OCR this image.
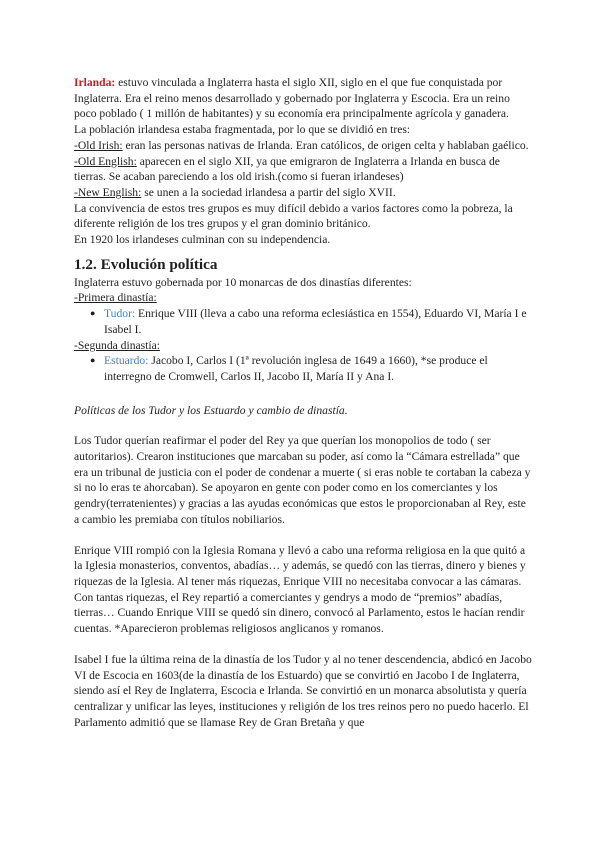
Irlanda: estuvo vinculada a Inglaterra hasta el siglo XII, siglo en el que fue conquistada por Inglaterra. Era el reino menos desarrollado y gobernado por Inglaterra y Escocia. Era un reino poco poblado ( 1 millón de habitantes) y su economía era principalmente agrícola y ganadera.

La población irlandesa estaba fragmentada, por lo que se dividió en tres:

-Old Irish: eran las personas nativas de Irlanda. Eran católicos, de origen celta y hablaban gaélico.

-Old English: aparecen en el siglo XII, ya que emigraron de Inglaterra a Irlanda en busca de tierras. Se acaban pareciendo a los old irish.(como si fueran irlandeses)

-New English: se unen a la sociedad irlandesa a partir del siglo XVII.

La convivencia de estos tres grupos es muy difícil debido a varios factores como la pobreza, la diferente religión de los tres grupos y el gran dominio británico.

En 1920 los irlandeses culminan con su independencia.

1.2. Evolución política

Inglaterra estuvo gobernada por 10 monarcas de dos dinastías diferentes:

-Primera dinastía:

● Tudor: Enrique VIII (lleva a cabo una reforma eclesiástica en 1554), Eduardo VI, María I e Isabel I.

-Segunda dinastía:

● Estuardo: Jacobo I, Carlos I (1ª revolución inglesa de 1649 a 1660), *se produce el interregno de Cromwell, Carlos II, Jacobo II, María II y Ana I.

Políticas de los Tudor y los Estuardo y cambio de dinastía.

Los Tudor querían reafirmar el poder del Rey ya que querían los monopolios de todo ( ser autoritarios). Crearon instituciones que marcaban su poder, así como la “Cámara estrellada” que era un tribunal de justicia con el poder de condenar a muerte ( si eras noble te cortaban la cabeza y si no lo eras te ahorcaban). Se apoyaron en gente con poder como en los comerciantes y los gendry(terratenientes) y gracias a las ayudas económicas que estos le proporcionaban al Rey, este a cambio les premiaba con títulos nobiliarios.

Enrique VIII rompió con la Iglesia Romana y llevó a cabo una reforma religiosa en la que quitó a la Iglesia monasterios, conventos, abadías… y además, se quedó con las tierras, dinero y bienes y riquezas de la Iglesia. Al tener más riquezas, Enrique VIII no necesitaba convocar a las cámaras. Con tantas riquezas, el Rey repartió a comerciantes y gendrys a modo de “premios” abadías, tierras… Cuando Enrique VIII se quedó sin dinero, convocó al Parlamento, estos le hacían rendir cuentas. *Aparecieron problemas religiosos anglicanos y romanos.

Isabel I fue la última reina de la dinastía de los Tudor y al no tener descendencia, abdicó en Jacobo VI de Escocia en 1603(de la dinastía de los Estuardo) que se convirtió en Jacobo I de Inglaterra, siendo así el Rey de Inglaterra, Escocia e Irlanda. Se convirtió en un monarca absolutista y quería centralizar y unificar las leyes, instituciones y religión de los tres reinos pero no puedo hacerlo. El Parlamento admitió que se llamase Rey de Gran Bretaña y que
